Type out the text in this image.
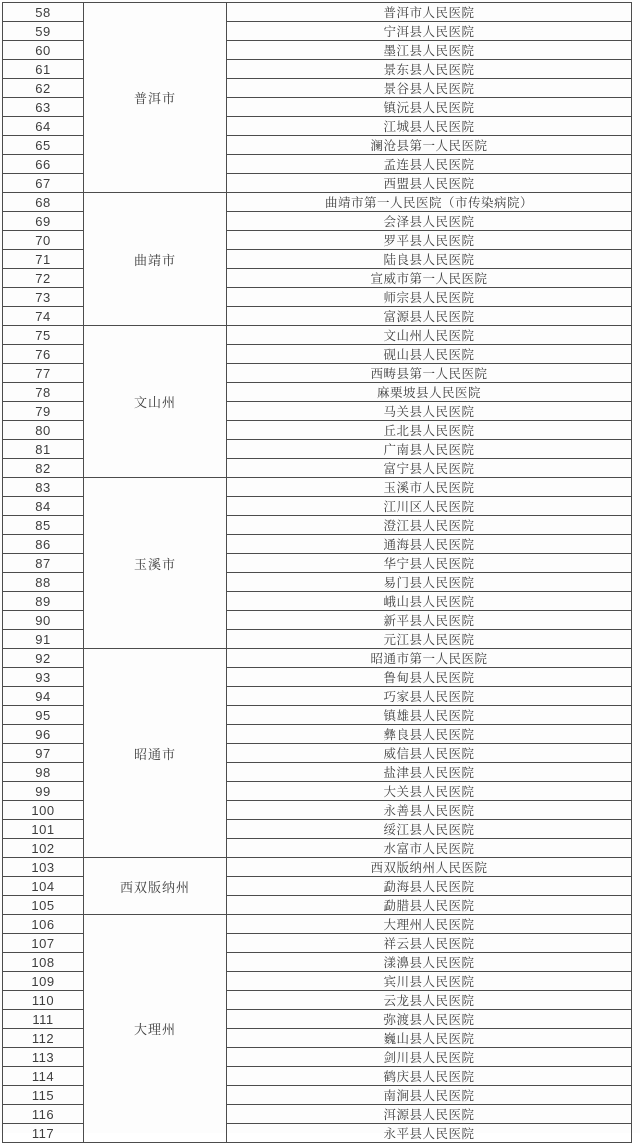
58	普洱市	普洱市人民医院
59		宁洱县人民医院
60		墨江县人民医院
61		景东县人民医院
62		景谷县人民医院
63		镇沅县人民医院
64		江城县人民医院
65		澜沧县第一人民医院
66		孟连县人民医院
67		西盟县人民医院
68	曲靖市	曲靖市第一人民医院（市传染病院）
69		会泽县人民医院
70		罗平县人民医院
71		陆良县人民医院
72		宣威市第一人民医院
73		师宗县人民医院
74		富源县人民医院
75	文山州	文山州人民医院
76		砚山县人民医院
77		西畴县第一人民医院
78		麻栗坡县人民医院
79		马关县人民医院
80		丘北县人民医院
81		广南县人民医院
82		富宁县人民医院
83	玉溪市	玉溪市人民医院
84		江川区人民医院
85		澄江县人民医院
86		通海县人民医院
87		华宁县人民医院
88		易门县人民医院
89		峨山县人民医院
90		新平县人民医院
91		元江县人民医院
92	昭通市	昭通市第一人民医院
93		鲁甸县人民医院
94		巧家县人民医院
95		镇雄县人民医院
96		彝良县人民医院
97		威信县人民医院
98		盐津县人民医院
99		大关县人民医院
100		永善县人民医院
101		绥江县人民医院
102		水富市人民医院
103	西双版纳州	西双版纳州人民医院
104		勐海县人民医院
105		勐腊县人民医院
106	大理州	大理州人民医院
107		祥云县人民医院
108		漾濞县人民医院
109		宾川县人民医院
110		云龙县人民医院
111		弥渡县人民医院
112		巍山县人民医院
113		剑川县人民医院
114		鹤庆县人民医院
115		南涧县人民医院
116		洱源县人民医院
117		永平县人民医院
